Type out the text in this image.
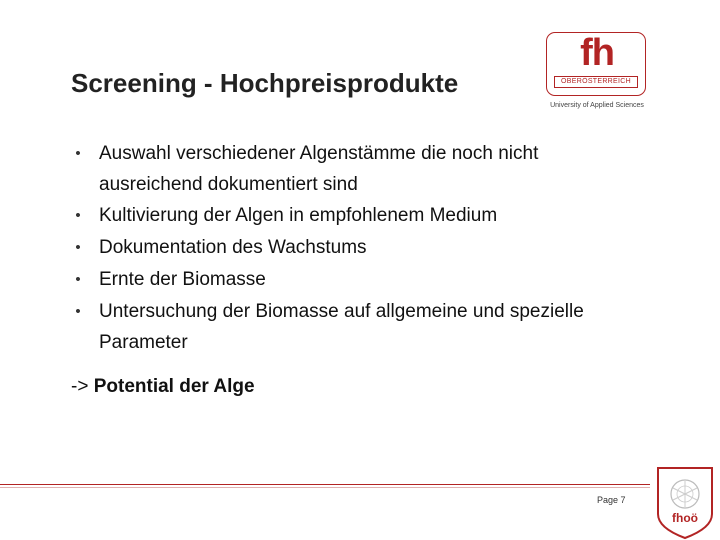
Screening - Hochpreisprodukte
fh
OBERÖSTERREICH
University of Applied Sciences
• Auswahl verschiedener Algenstämme die noch nicht ausreichend dokumentiert sind
• Kultivierung der Algen in empfohlenem Medium
• Dokumentation des Wachstums
• Ernte der Biomasse
• Untersuchung der Biomasse auf allgemeine und spezielle Parameter
-> Potential der Alge
Page 7
fhoö
